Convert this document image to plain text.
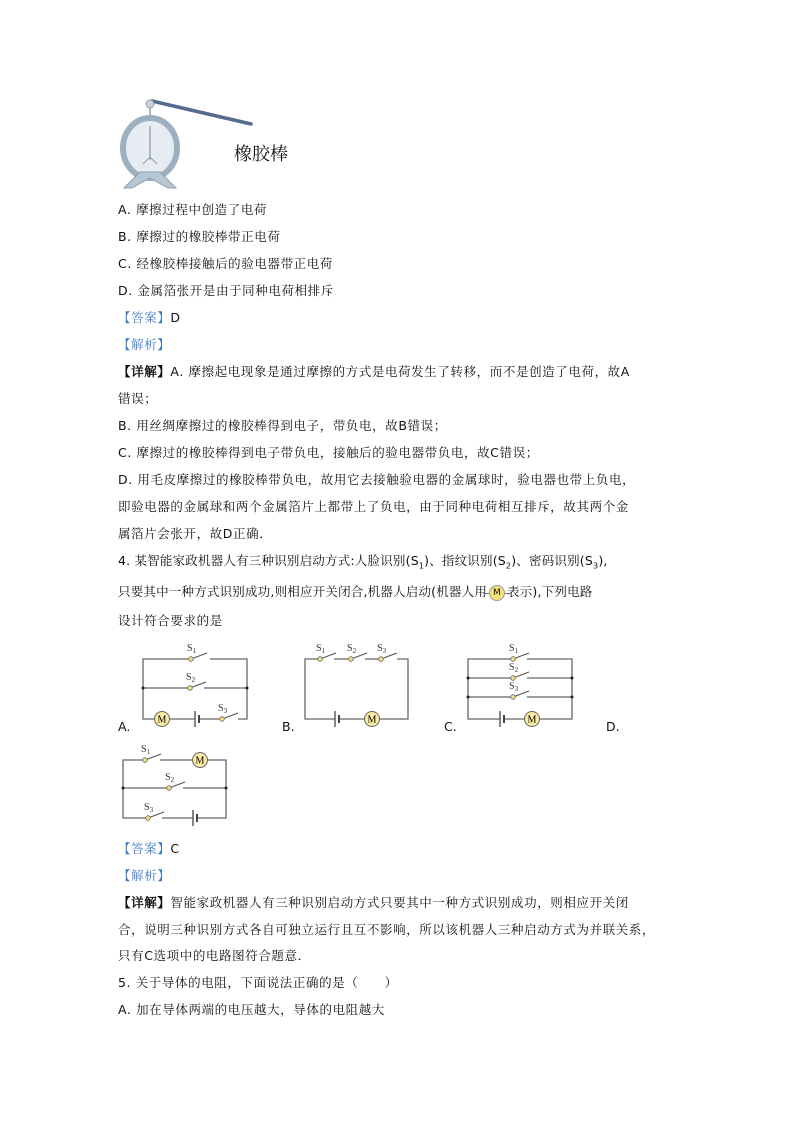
$S_1$
$S_2$
$S_3$
M
$S_1$ $S_2$ $S_3$
M
$S_1$
$S_2$
$S_3$
M
$S_1$
$S_2$
$S_3$
M
橡胶棒
A. 摩擦过程中创造了电荷
B. 摩擦过的橡胶棒带正电荷
C. 经橡胶棒接触后的验电器带正电荷
D. 金属箔张开是由于同种电荷相排斥
【答案】D
【解析】
【详解】A. 摩擦起电现象是通过摩擦的方式是电荷发生了转移，而不是创造了电荷，故A
错误；
B. 用丝绸摩擦过的橡胶棒得到电子，带负电，故B错误；
C. 摩擦过的橡胶棒得到电子带负电，接触后的验电器带负电，故C错误；
D. 用毛皮摩擦过的橡胶棒带负电，故用它去接触验电器的金属球时，验电器也带上负电，
即验电器的金属球和两个金属箔片上都带上了负电，由于同种电荷相互排斥，故其两个金
属箔片会张开，故D正确．
4. 某智能家政机器人有三种识别启动方式:人脸识别$(S_1)$、指纹识别$(S_2)$、密码识别$(S_3)$,
只要其中一种方式识别成功,则相应开关闭合,机器人启动(机器人用 M 表示),下列电路
设计符合要求的是
A.	B.	C.	D.
【答案】C
【解析】
【详解】智能家政机器人有三种识别启动方式只要其中一种方式识别成功，则相应开关闭
合，说明三种识别方式各自可独立运行且互不影响，所以该机器人三种启动方式为并联关系，
只有C选项中的电路图符合题意．
5. 关于导体的电阻，下面说法正确的是（　　）
A. 加在导体两端的电压越大，导体的电阻越大
